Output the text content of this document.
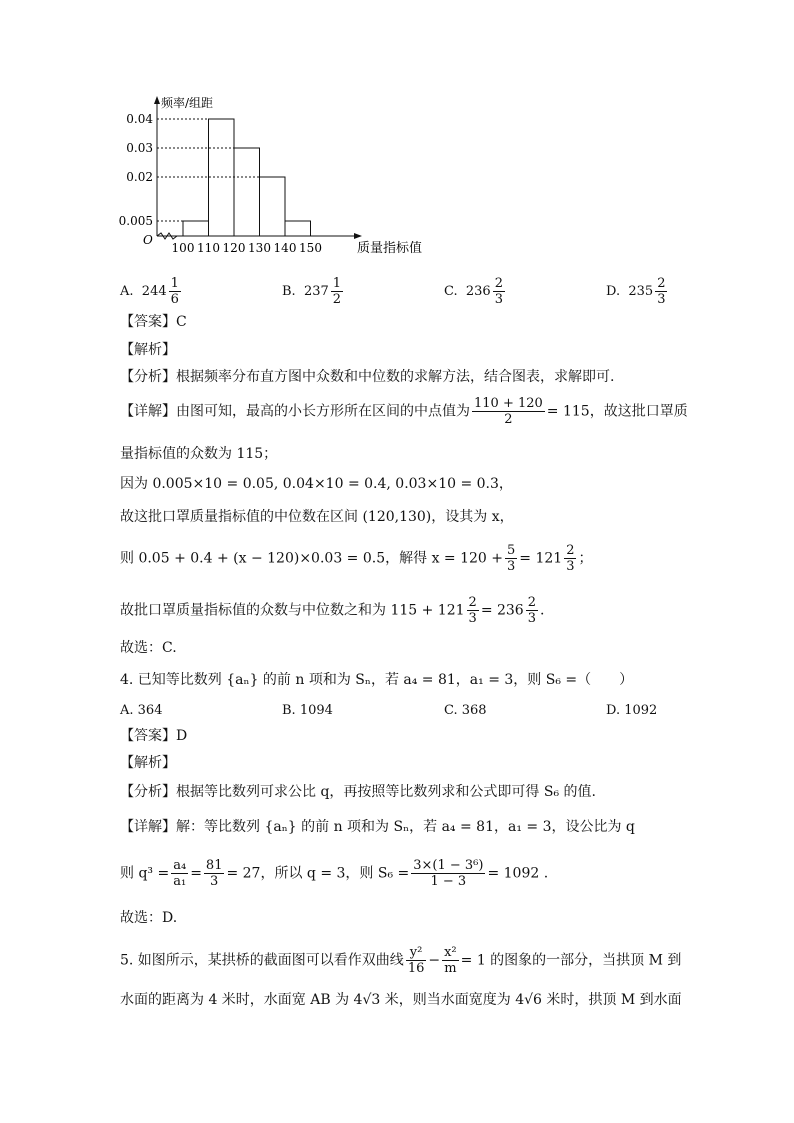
频率/组距
质量指标值
O
0.005
0.02
0.03
0.04
100 110 120 130 140 150
A. $244 \frac{1}{6}$	B. $237 \frac{1}{2}$	C. $236 \frac{2}{3}$	D. $235 \frac{2}{3}$
【答案】C
【解析】
【分析】根据频率分布直方图中众数和中位数的求解方法，结合图表，求解即可.
【详解】由图可知，最高的小长方形所在区间的中点值为 $\frac{110 + 120}{2} = 115$，故这批口罩质
量指标值的众数为 115；
因为 0.005×10 = 0.05, 0.04×10 = 0.4, 0.03×10 = 0.3，
故这批口罩质量指标值的中位数在区间 (120,130)，设其为 x，
则 0.05 + 0.4 + (x − 120)×0.03 = 0.5，解得 $x = 120 + \frac{5}{3} = 121 \frac{2}{3}$ ；
故批口罩质量指标值的众数与中位数之和为 $115 + 121 \frac{2}{3} = 236 \frac{2}{3}$ .
故选：C.
4. 已知等比数列 {aₙ} 的前 n 项和为 Sₙ，若 a₄ = 81，a₁ = 3，则 S₆ =（　　）
A. 364	B. 1094	C. 368	D. 1092
【答案】D
【解析】
【分析】根据等比数列可求公比 q，再按照等比数列求和公式即可得 S₆ 的值.
【详解】解：等比数列 {aₙ} 的前 n 项和为 Sₙ，若 a₄ = 81，a₁ = 3，设公比为 q
则 $q^3 = \frac{\text{a₄}}{\text{a₁}} = \frac{81}{3} = 27$，所以 q = 3，则 $S_6 = \frac{\text{3×(1 − 3⁶)}}{1 - 3} = 1092$ .
故选：D.
5. 如图所示，某拱桥的截面图可以看作双曲线 $\frac{\text{y²}}{16} - \frac{\text{x²}}{m} = 1$ 的图象的一部分，当拱顶 M 到
水面的距离为 4 米时，水面宽 AB 为 4√3 米，则当水面宽度为 4√6 米时，拱顶 M 到水面
